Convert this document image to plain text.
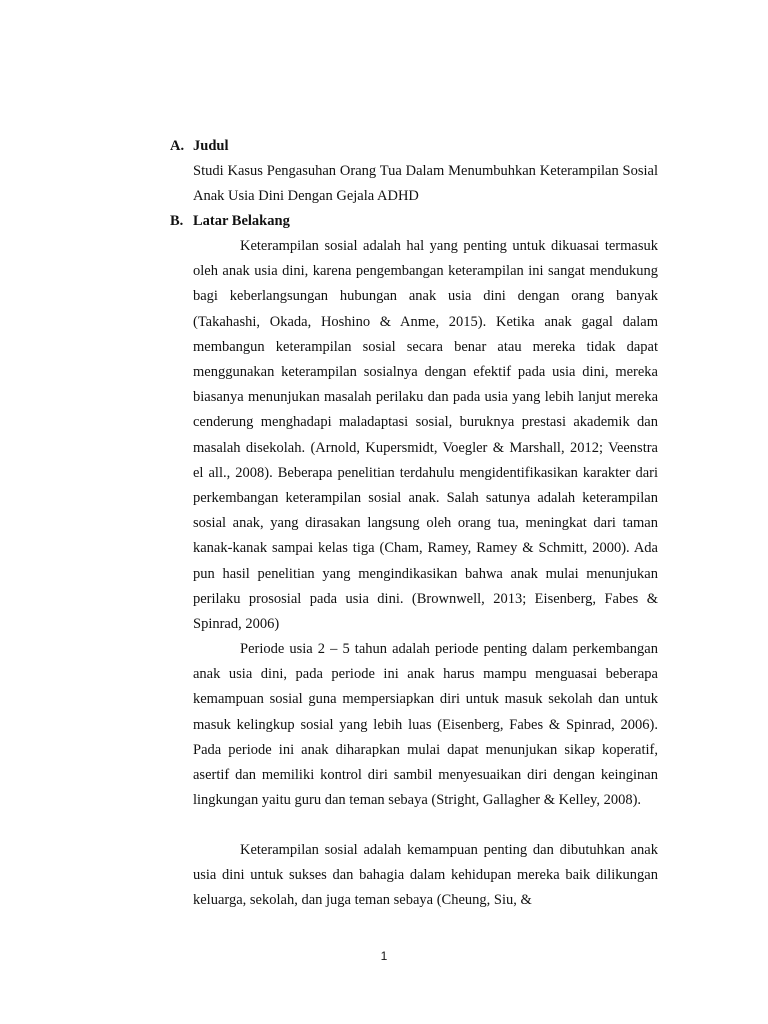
A. Judul

Studi Kasus Pengasuhan Orang Tua Dalam Menumbuhkan Keterampilan Sosial Anak Usia Dini Dengan Gejala ADHD

B. Latar Belakang

Keterampilan sosial adalah hal yang penting untuk dikuasai termasuk oleh anak usia dini, karena pengembangan keterampilan ini sangat mendukung bagi keberlangsungan hubungan anak usia dini dengan orang banyak (Takahashi, Okada, Hoshino & Anme, 2015). Ketika anak gagal dalam membangun keterampilan sosial secara benar atau mereka tidak dapat menggunakan keterampilan sosialnya dengan efektif pada usia dini, mereka biasanya menunjukan masalah perilaku dan pada usia yang lebih lanjut mereka cenderung menghadapi maladaptasi sosial, buruknya prestasi akademik dan masalah disekolah. (Arnold, Kupersmidt, Voegler & Marshall, 2012; Veenstra el all., 2008). Beberapa penelitian terdahulu mengidentifikasikan karakter dari perkembangan keterampilan sosial anak. Salah satunya adalah keterampilan sosial anak, yang dirasakan langsung oleh orang tua, meningkat dari taman kanak-kanak sampai kelas tiga (Cham, Ramey, Ramey & Schmitt, 2000). Ada pun hasil penelitian yang mengindikasikan bahwa anak mulai menunjukan perilaku prososial pada usia dini. (Brownwell, 2013; Eisenberg, Fabes & Spinrad, 2006)

Periode usia 2 – 5 tahun adalah periode penting dalam perkembangan anak usia dini, pada periode ini anak harus mampu menguasai beberapa kemampuan sosial guna mempersiapkan diri untuk masuk sekolah dan untuk masuk kelingkup sosial yang lebih luas (Eisenberg, Fabes & Spinrad, 2006). Pada periode ini anak diharapkan mulai dapat menunjukan sikap koperatif, asertif dan memiliki kontrol diri sambil menyesuaikan diri dengan keinginan lingkungan yaitu guru dan teman sebaya (Stright, Gallagher & Kelley, 2008).

Keterampilan sosial adalah kemampuan penting dan dibutuhkan anak usia dini untuk sukses dan bahagia dalam kehidupan mereka baik dilikungan keluarga, sekolah, dan juga teman sebaya (Cheung, Siu, &

1
